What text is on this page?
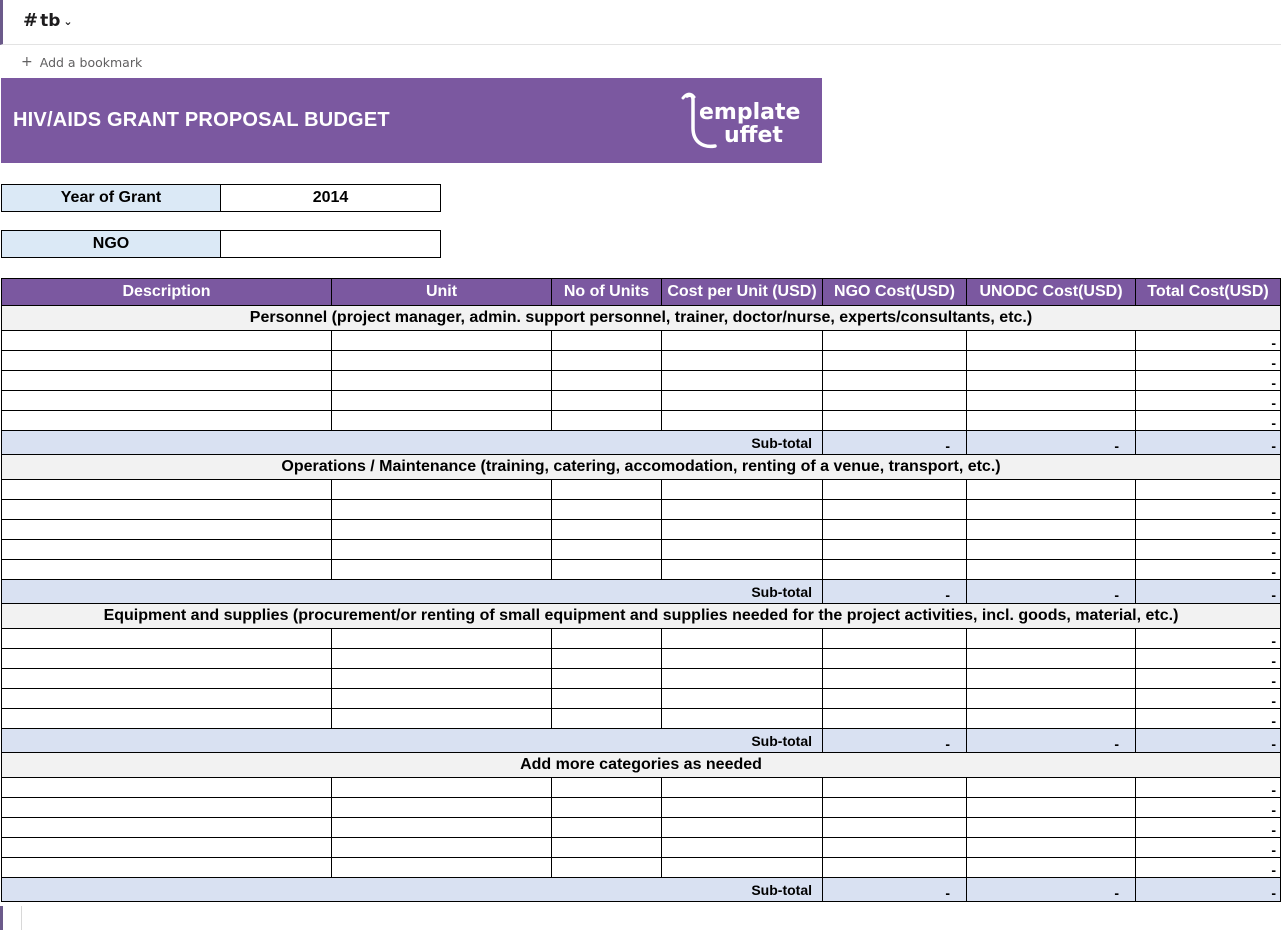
# tb ⌄
+ Add a bookmark
HIV/AIDS GRANT PROPOSAL BUDGET	emplate
uffet
Year of Grant	2014
NGO
Description	Unit	No of Units	Cost per Unit (USD)	NGO Cost(USD)	UNODC Cost(USD)	Total Cost(USD)
Personnel (project manager, admin. support personnel, trainer, doctor/nurse, experts/consultants, etc.)						
						-
						-
						-
						-
						-
Sub-total				-	-	-
Operations / Maintenance (training, catering, accomodation, renting of a venue, transport, etc.)						
						-
						-
						-
						-
						-
Sub-total				-	-	-
Equipment and supplies (procurement/or renting of small equipment and supplies needed for the project activities, incl. goods, material, etc.)						
						-
						-
						-
						-
						-
Sub-total				-	-	-
Add more categories as needed						
						-
						-
						-
						-
						-
Sub-total				-	-	-
